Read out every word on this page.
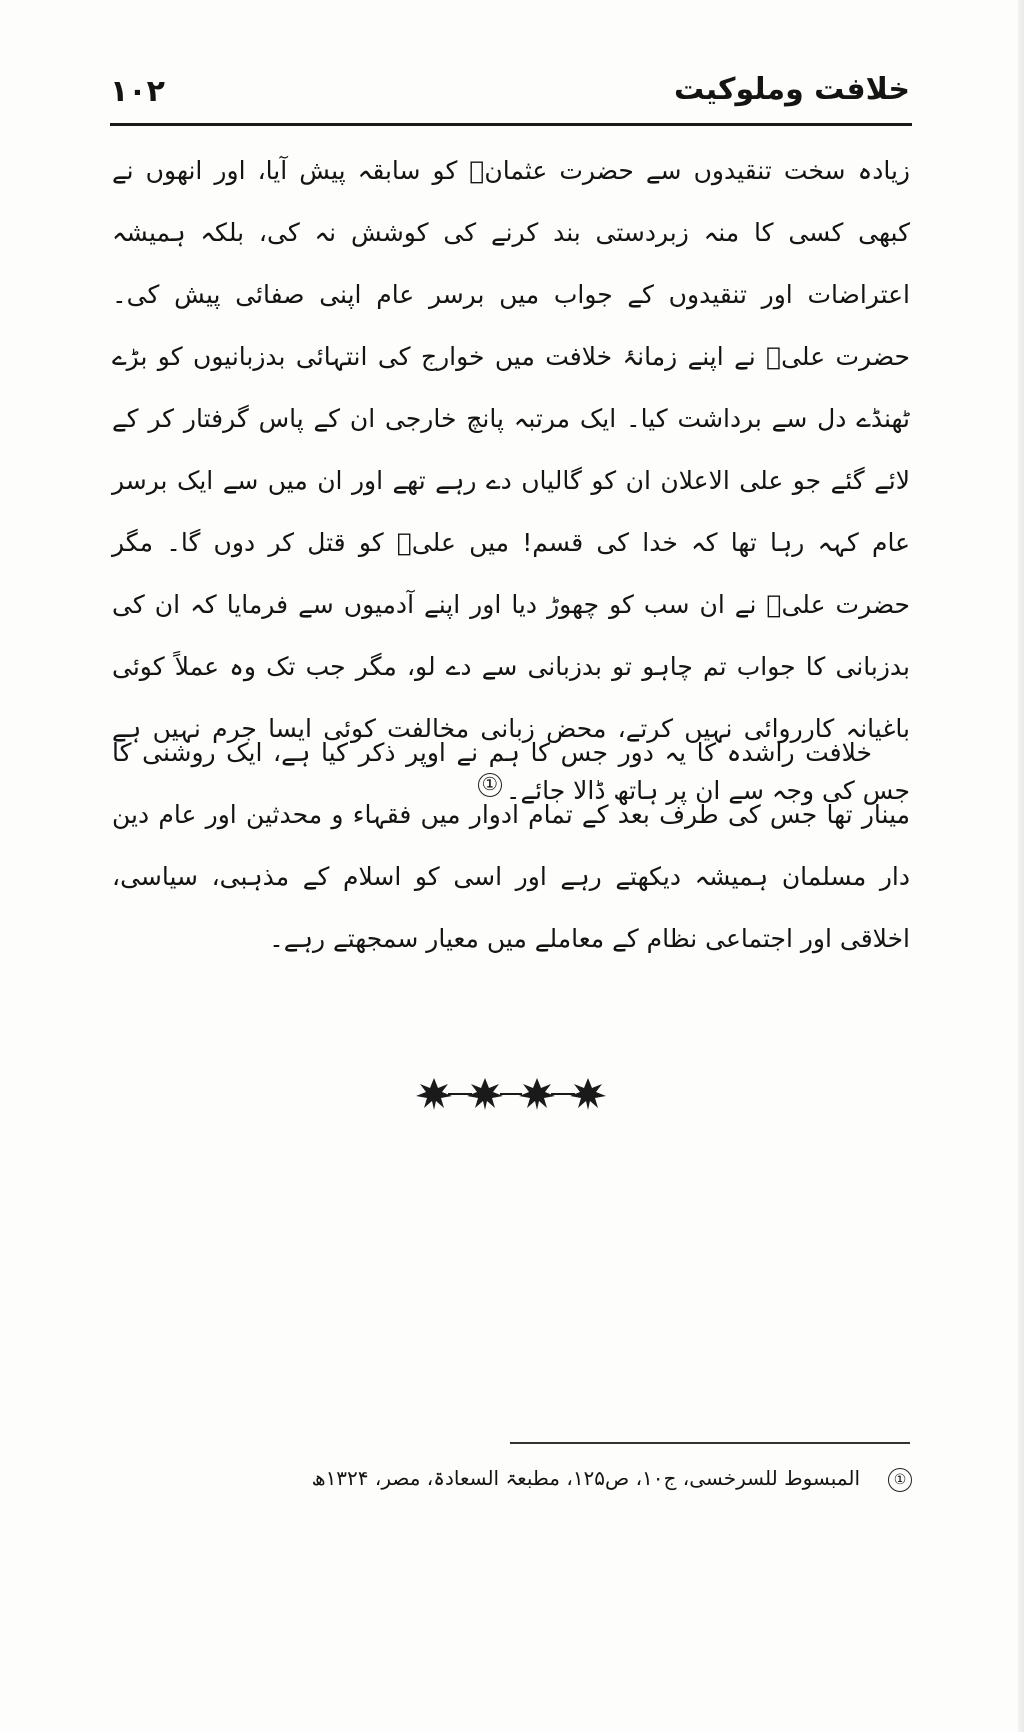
١٠٢	خلافت وملوکیت

زیادہ سخت تنقیدوں سے حضرت عثمانؓ کو سابقہ پیش آیا، اور انھوں نے کبھی کسی کا منہ زبردستی بند کرنے کی کوشش نہ کی، بلکہ ہمیشہ اعتراضات اور تنقیدوں کے جواب میں برسر عام اپنی صفائی پیش کی۔ حضرت علیؓ نے اپنے زمانۂ خلافت میں خوارج کی انتہائی بدزبانیوں کو بڑے ٹھنڈے دل سے برداشت کیا۔ ایک مرتبہ پانچ خارجی ان کے پاس گرفتار کر کے لائے گئے جو علی الاعلان ان کو گالیاں دے رہے تھے اور ان میں سے ایک برسر عام کہہ رہا تھا کہ خدا کی قسم! میں علیؓ کو قتل کر دوں گا۔ مگر حضرت علیؓ نے ان سب کو چھوڑ دیا اور اپنے آدمیوں سے فرمایا کہ ان کی بدزبانی کا جواب تم چاہو تو بدزبانی سے دے لو، مگر جب تک وہ عملاً کوئی باغیانہ کارروائی نہیں کرتے، محض زبانی مخالفت کوئی ایسا جرم نہیں ہے جس کی وجہ سے ان پر ہاتھ ڈالا جائے۔①

خلافت راشدہ کا یہ دور جس کا ہم نے اوپر ذکر کیا ہے، ایک روشنی کا مینار تھا جس کی طرف بعد کے تمام ادوار میں فقہاء و محدثین اور عام دین دار مسلمان ہمیشہ دیکھتے رہے اور اسی کو اسلام کے مذہبی، سیاسی، اخلاقی اور اجتماعی نظام کے معاملے میں معیار سمجھتے رہے۔

①المبسوط للسرخسی، ج۱۰، ص۱۲۵، مطبعۃ السعادۃ، مصر، ۱۳۲۴ھ
